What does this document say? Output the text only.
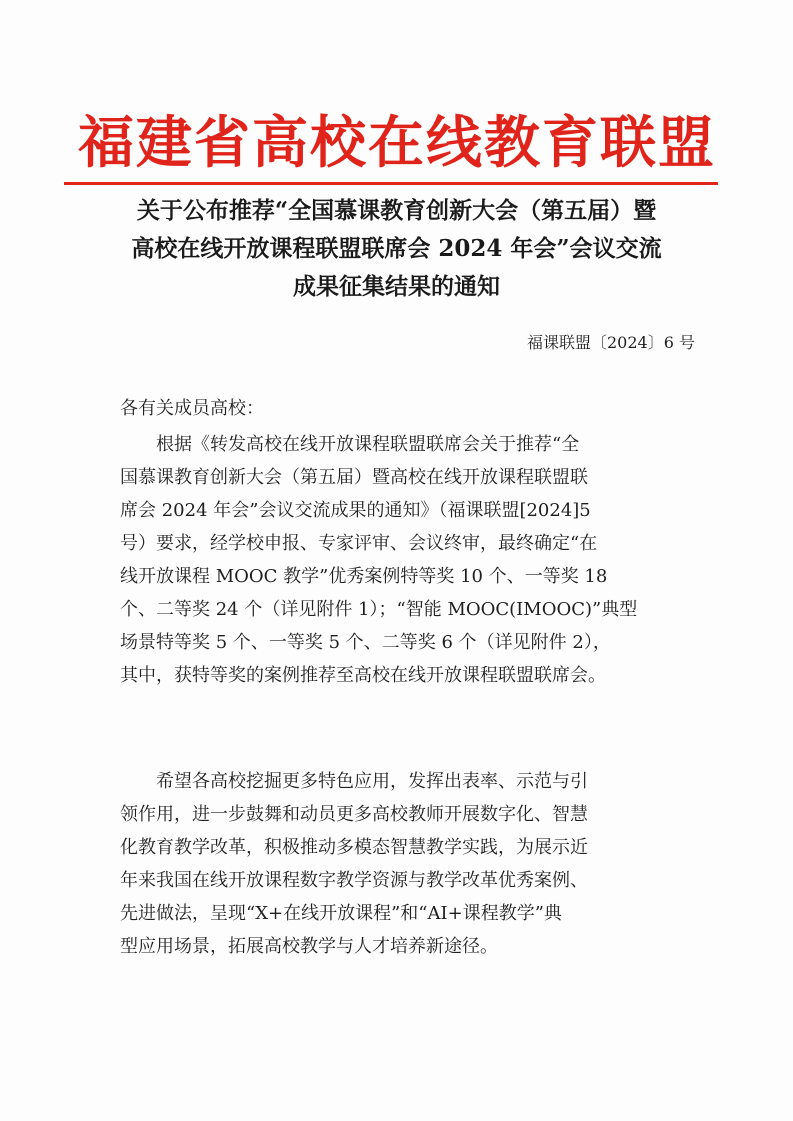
福建省高校在线教育联盟
关于公布推荐“全国慕课教育创新大会（第五届）暨
高校在线开放课程联盟联席会 2024 年会”会议交流
成果征集结果的通知
福课联盟〔2024〕6 号
各有关成员高校：
根据《转发高校在线开放课程联盟联席会关于推荐“全
国慕课教育创新大会（第五届）暨高校在线开放课程联盟联
席会 2024 年会”会议交流成果的通知》（福课联盟[2024]5
号）要求，经学校申报、专家评审、会议终审，最终确定“在
线开放课程 MOOC 教学”优秀案例特等奖 10 个、一等奖 18
个、二等奖 24 个（详见附件 1）；“智能 MOOC(IMOOC)”典型
场景特等奖 5 个、一等奖 5 个、二等奖 6 个（详见附件 2），
其中，获特等奖的案例推荐至高校在线开放课程联盟联席会。
希望各高校挖掘更多特色应用，发挥出表率、示范与引
领作用，进一步鼓舞和动员更多高校教师开展数字化、智慧
化教育教学改革，积极推动多模态智慧教学实践，为展示近
年来我国在线开放课程数字教学资源与教学改革优秀案例、
先进做法，呈现“X+在线开放课程”和“AI+课程教学”典
型应用场景，拓展高校教学与人才培养新途径。
